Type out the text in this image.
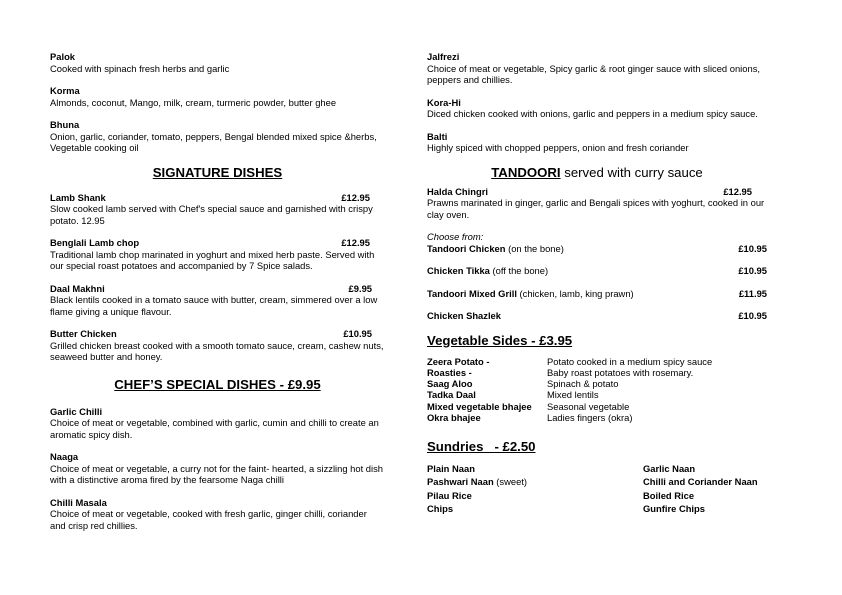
Palok
Cooked with spinach fresh herbs and garlic
Korma
Almonds, coconut, Mango, milk, cream, turmeric powder, butter ghee
Bhuna
Onion, garlic, coriander, tomato, peppers, Bengal blended mixed spice &herbs, Vegetable cooking oil
SIGNATURE DISHES
Lamb Shank	£12.95
Slow cooked lamb served with Chef's special sauce and garnished with crispy potato. 12.95
Benglali Lamb chop	£12.95
Traditional lamb chop marinated in yoghurt and mixed herb paste. Served with our special roast potatoes and accompanied by 7 Spice salads.
Daal Makhni	£9.95
Black lentils cooked in a tomato sauce with butter, cream, simmered over a low flame giving a unique flavour.
Butter Chicken	£10.95
Grilled chicken breast cooked with a smooth tomato sauce, cream, cashew nuts, seaweed butter and honey.
CHEF’S SPECIAL DISHES - £9.95
Garlic Chilli
Choice of meat or vegetable, combined with garlic, cumin and chilli to create an aromatic spicy dish.
Naaga
Choice of meat or vegetable, a curry not for the faint- hearted, a sizzling hot dish with a distinctive aroma fired by the fearsome Naga chilli
Chilli Masala
Choice of meat or vegetable, cooked with fresh garlic, ginger chilli, coriander and crisp red chillies.
Jalfrezi
Choice of meat or vegetable, Spicy garlic & root ginger sauce with sliced onions, peppers and chillies.
Kora-Hi
Diced chicken cooked with onions, garlic and peppers in a medium spicy sauce.
Balti
Highly spiced with chopped peppers, onion and fresh coriander
TANDOORI served with curry sauce
Halda Chingri	£12.95
Prawns marinated in ginger, garlic and Bengali spices with yoghurt, cooked in our clay oven.
Choose from:
Tandoori Chicken (on the bone)	£10.95
Chicken Tikka (off the bone)	£10.95
Tandoori Mixed Grill (chicken, lamb, king prawn)	£11.95
Chicken Shazlek	£10.95
Vegetable Sides - £3.95
Zeera Potato -	Potato cooked in a medium spicy sauce
Roasties -	Baby roast potatoes with rosemary.
Saag Aloo	Spinach & potato
Tadka Daal	Mixed lentils
Mixed vegetable bhajee	Seasonal vegetable
Okra bhajee	Ladies fingers (okra)
Sundries - £2.50
Plain Naan	Garlic Naan
Pashwari Naan (sweet)	Chilli and Coriander Naan
Pilau Rice	Boiled Rice
Chips	Gunfire Chips
